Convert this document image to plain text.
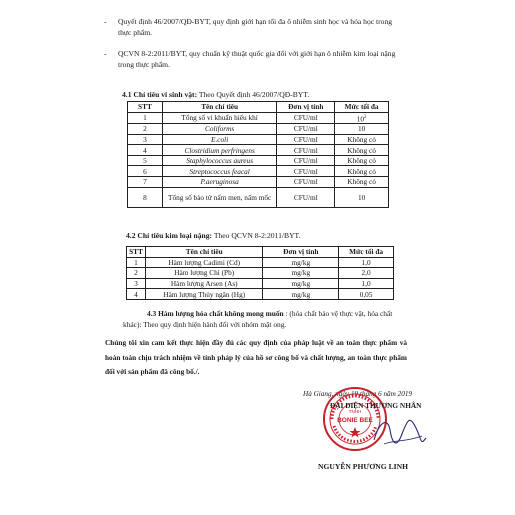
- Quyết định 46/2007/QĐ-BYT, quy định giới hạn tối đa ô nhiễm sinh học và hóa học trong thực phẩm.
- QCVN 8-2:2011/BYT, quy chuẩn kỹ thuật quốc gia đối với giới hạn ô nhiễm kim loại nặng trong thực phẩm.
4.1 Chỉ tiêu vi sinh vật: Theo Quyết định 46/2007/QĐ-BYT.
STT	Tên chỉ tiêu	Đơn vị tính	Mức tối đa
1	Tổng số vi khuẩn hiếu khí	CFU/ml	$10^2$
2	Coliforms	CFU/ml	10
3	E.coli	CFU/ml	Không có
4	Clostridium perfringens	CFU/ml	Không có
5	Staphylococcus aureus	CFU/ml	Không có
6	Streptococcus feacal	CFU/ml	Không có
7	P.aeruginosa	CFU/ml	Không có
8	Tổng số bào tử nấm men, nấm mốc	CFU/ml	10
4.2 Chỉ tiêu kim loại nặng: Theo QCVN 8-2:2011/BYT.
STT	Tên chỉ tiêu	Đơn vị tính	Mức tối đa
1	Hàm lượng Cadimi (Cd)	mg/kg	1,0
2	Hàm lượng Chì (Pb)	mg/kg	2,0
3	Hàm lượng Arsen (As)	mg/kg	1,0
4	Hàm lượng Thủy ngân (Hg)	mg/kg	0,05
4.3 Hàm lượng hóa chất không mong muốn : (hóa chất bảo vệ thực vật, hóa chất
khác): Theo quy định hiện hành đối với nhóm mặt ong.
Chúng tôi xin cam kết thực hiện đầy đủ các quy định của pháp luật về an toàn thực phẩm và hoàn toàn chịu trách nhiệm về tính pháp lý của hồ sơ công bố và chất lượng, an toàn thực phẩm đối với sản phẩm đã công bố./.
Hà Giang, ngày 19 tháng 6 năm 2019
TNHH
BONIE BEE
ĐẠI DIỆN THƯƠNG NHÂN
NGUYỄN PHƯƠNG LINH
